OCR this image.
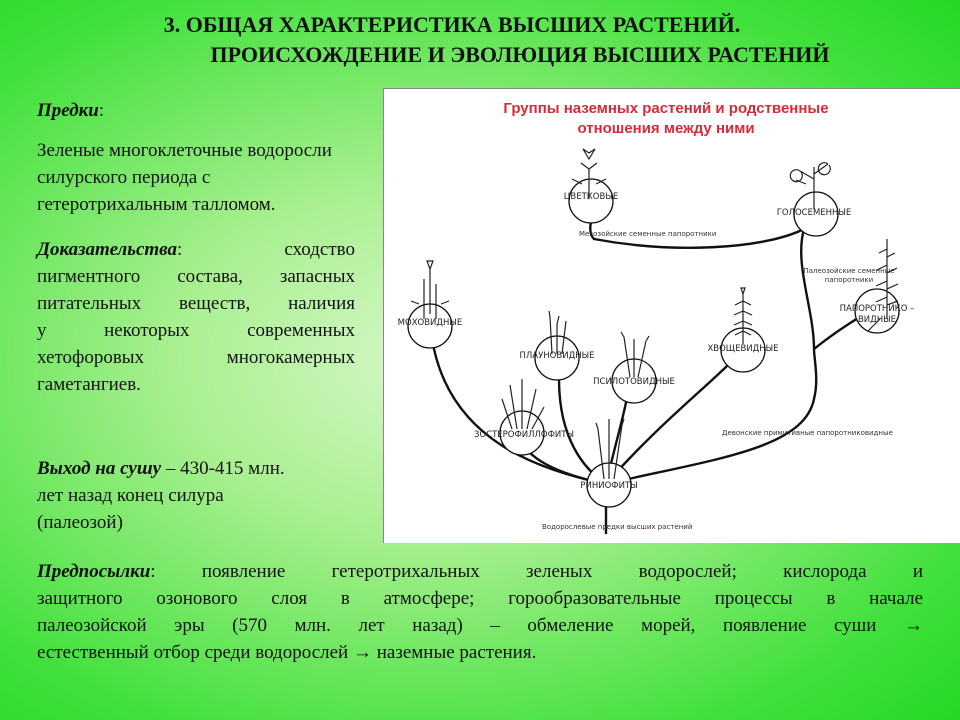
3. ОБЩАЯ ХАРАКТЕРИСТИКА ВЫСШИХ РАСТЕНИЙ.
ПРОИСХОЖДЕНИЕ И ЭВОЛЮЦИЯ ВЫСШИХ РАСТЕНИЙ
Предки:
Зеленые многоклеточные водоросли силурского периода с гетеротрихальным талломом.
Доказательства:  сходство
пигментного состава, запасных
питательных веществ, наличия
у некоторых современных
хетофоровых многокамерных
гаметангиев.
Выход на сушу – 430-415 млн.
лет назад конец силура
(палеозой)
Предпосылки: появление гетеротрихальных зеленых водорослей; кислорода и
защитного озонового слоя в атмосфере; горообразовательные процессы в начале
палеозойской эры (570 млн. лет назад) – обмеление морей, появление суши →
естественный отбор среди водорослей → наземные растения.
Группы наземных растений и родственные
отношения между ними
ЦВЕТКОВЫЕ
ГОЛОСЕМЕННЫЕ
ПАПОРОТНИКО –
ВИДНЫЕ
МОХОВИДНЫЕ
ПЛАУНОВИДНЫЕ
ХВОЩЕВИДНЫЕ
ПСИЛОТОВИДНЫЕ
ЗОСТЕРОФИЛЛОФИТЫ
РИНИОФИТЫ
Мезозойские семенные папоротники
Палеозойские семенные
папоротники
Девонские примитивные папоротниковидные
Водорослевые предки высших растений
